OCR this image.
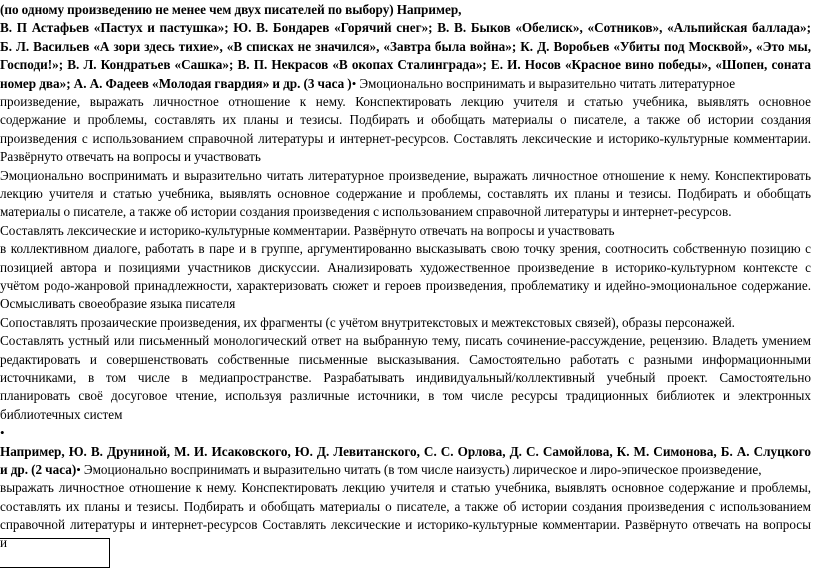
(по одному произведению не менее чем двух писателей по выбору) Например,
В. П Астафьев «Пастух и пастушка»; Ю. В. Бондарев «Горячий снег»; В. В. Быков «Обелиск», «Сотников», «Альпийская баллада»;
Б. Л. Васильев «А зори здесь тихие», «В списках не значился», «Завтра была война»; К. Д. Воробьев «Убиты под Москвой», «Это мы,
Господи!»; В. Л. Кондратьев «Сашка»; В. П. Некрасов «В окопах Сталинграда»; Е. И. Носов «Красное вино победы», «Шопен, соната
номер два»; А. А. Фадеев «Молодая гвардия» и др. (3 часа )• Эмоционально воспринимать и выразительно читать литературное
произведение, выражать личностное отношение к нему. Конспектировать лекцию учителя и статью учебника, выявлять основное
содержание и проблемы, составлять их планы и тезисы. Подбирать и обобщать материалы о писателе, а также об истории создания
произведения с использованием справочной литературы и интернет-ресурсов. Составлять лексические и историко-культурные комментарии.
Развёрнуто отвечать на вопросы и участвовать
Эмоционально воспринимать и выразительно читать литературное произведение, выражать личностное отношение к нему. Конспектировать
лекцию учителя и статью учебника, выявлять основное содержание и проблемы, составлять их планы и тезисы. Подбирать и обобщать
материалы о писателе, а также об истории создания произведения с использованием справочной литературы и интернет-ресурсов.
Составлять лексические и историко-культурные комментарии. Развёрнуто отвечать на вопросы и участвовать
в коллективном диалоге, работать в паре и в группе, аргументированно высказывать свою точку зрения, соотносить собственную позицию с
позицией автора и позициями участников дискуссии. Анализировать художественное произведение в историко-культурном контексте с
учётом родо-жанровой принадлежности, характеризовать сюжет и героев произведения, проблематику и идейно-эмоциональное содержание.
Осмысливать своеобразие языка писателя
Сопоставлять прозаические произведения, их фрагменты (с учётом внутритекстовых и межтекстовых связей), образы персонажей.
Составлять устный или письменный монологический ответ на выбранную тему, писать сочинение-рассуждение, рецензию. Владеть умением
редактировать и совершенствовать собственные письменные высказывания. Самостоятельно работать с разными информационными
источниками, в том числе в медиапространстве. Разрабатывать индивидуальный/коллективный учебный проект. Самостоятельно
планировать своё досуговое чтение, используя различные источники, в том числе ресурсы традиционных библиотек и электронных
библиотечных систем
•
Например, Ю. В. Друниной, М. И. Исаковского, Ю. Д. Левитанского, С. С. Орлова, Д. С. Самойлова, К. М. Симонова, Б. А. Слуцкого
и др. (2 часа)• Эмоционально воспринимать и выразительно читать (в том числе наизусть) лирическое и лиро-эпическое произведение,
выражать личностное отношение к нему. Конспектировать лекцию учителя и статью учебника, выявлять основное содержание и проблемы,
составлять их планы и тезисы. Подбирать и обобщать материалы о писателе, а также об истории создания произведения с использованием
справочной литературы и интернет-ресурсов Составлять лексические и историко-культурные комментарии. Развёрнуто отвечать на вопросы
и
